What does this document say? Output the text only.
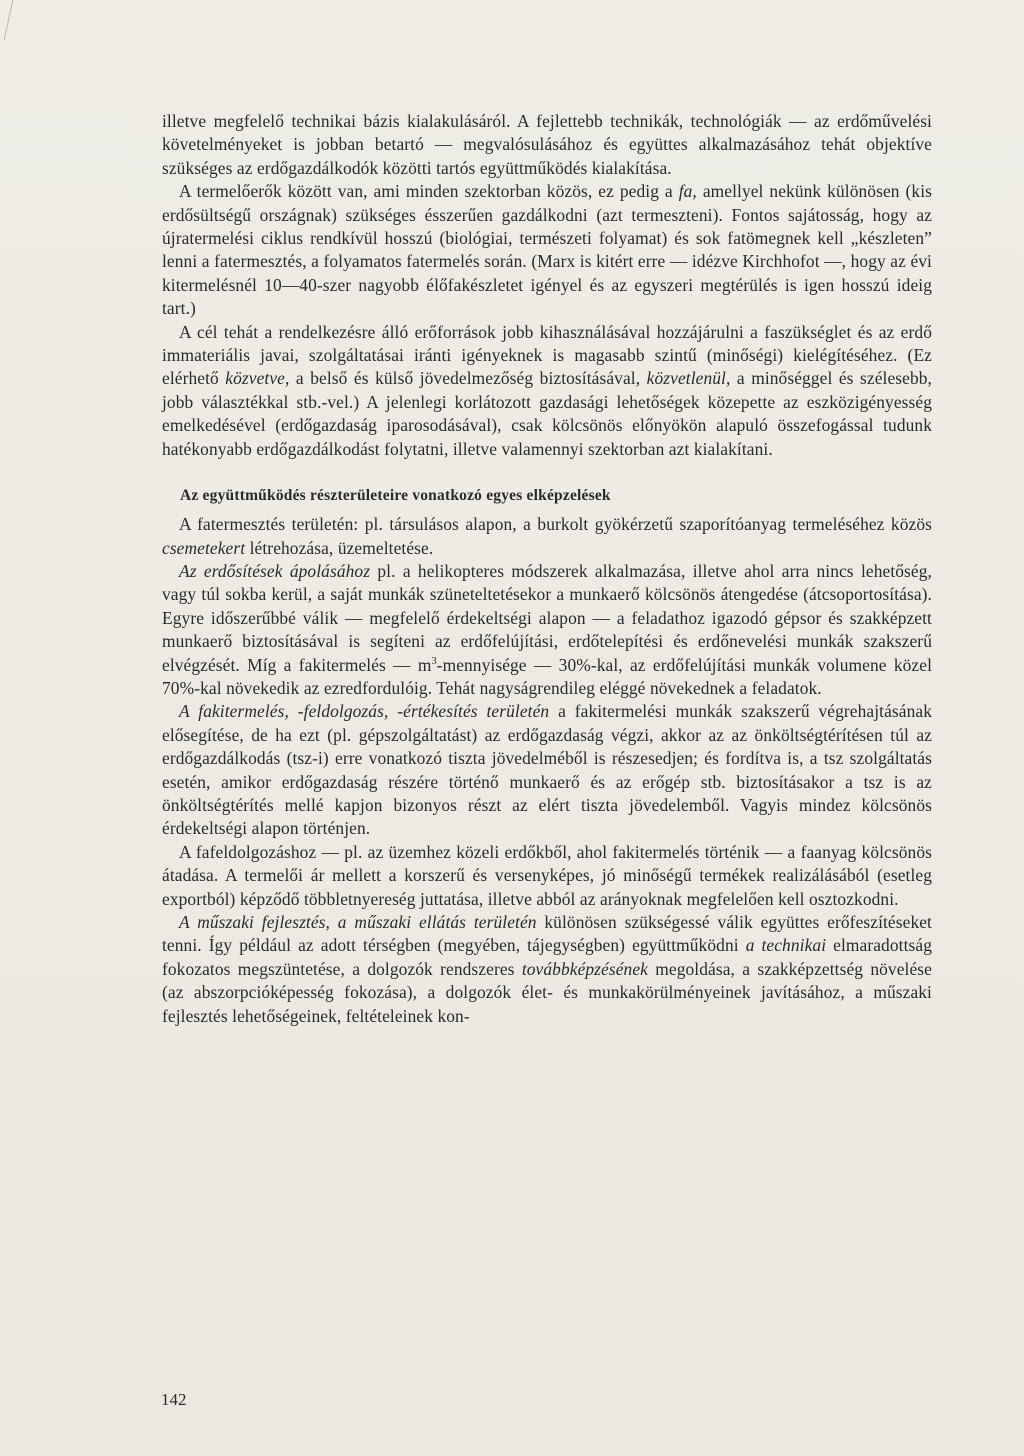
illetve megfelelő technikai bázis kialakulásáról. A fejlettebb technikák, technológiák — az erdőművelési követelményeket is jobban betartó — megvalósulásához és együttes alkalmazásához tehát objektíve szükséges az erdőgazdálkodók közötti tartós együttműködés kialakítása.

A termelőerők között van, ami minden szektorban közös, ez pedig a fa, amellyel nekünk különösen (kis erdősültségű országnak) szükséges ésszerűen gazdálkodni (azt termeszteni). Fontos sajátosság, hogy az újratermelési ciklus rendkívül hosszú (biológiai, természeti folyamat) és sok fatömegnek kell „készleten” lenni a fatermesztés, a folyamatos fatermelés során. (Marx is kitért erre — idézve Kirchhofot —, hogy az évi kitermelésnél 10—40-szer nagyobb élőfakészletet igényel és az egyszeri megtérülés is igen hosszú ideig tart.)

A cél tehát a rendelkezésre álló erőforrások jobb kihasználásával hozzájárulni a faszükséglet és az erdő immateriális javai, szolgáltatásai iránti igényeknek is magasabb szintű (minőségi) kielégítéséhez. (Ez elérhető közvetve, a belső és külső jövedelmezőség biztosításával, közvetlenül, a minőséggel és szélesebb, jobb választékkal stb.-vel.) A jelenlegi korlátozott gazdasági lehetőségek közepette az eszközigényesség emelkedésével (erdőgazdaság iparosodásával), csak kölcsönös előnyökön alapuló összefogással tudunk hatékonyabb erdőgazdálkodást folytatni, illetve valamennyi szektorban azt kialakítani.

Az együttműködés részterületeire vonatkozó egyes elképzelések

A fatermesztés területén: pl. társulásos alapon, a burkolt gyökérzetű szaporítóanyag termeléséhez közös csemetekert létrehozása, üzemeltetése.

Az erdősítések ápolásához pl. a helikopteres módszerek alkalmazása, illetve ahol arra nincs lehetőség, vagy túl sokba kerül, a saját munkák szüneteltetésekor a munkaerő kölcsönös átengedése (átcsoportosítása). Egyre időszerűbbé válik — megfelelő érdekeltségi alapon — a feladathoz igazodó gépsor és szakképzett munkaerő biztosításával is segíteni az erdőfelújítási, erdőtelepítési és erdőnevelési munkák szakszerű elvégzését. Míg a fakitermelés — $m^3$-mennyisége — 30%-kal, az erdőfelújítási munkák volumene közel 70%-kal növekedik az ezredfordulóig. Tehát nagyságrendileg eléggé növekednek a feladatok.

A fakitermelés, -feldolgozás, -értékesítés területén a fakitermelési munkák szakszerű végrehajtásának elősegítése, de ha ezt (pl. gépszolgáltatást) az erdőgazdaság végzi, akkor az az önköltségtérítésen túl az erdőgazdálkodás (tsz-i) erre vonatkozó tiszta jövedelméből is részesedjen; és fordítva is, a tsz szolgáltatás esetén, amikor erdőgazdaság részére történő munkaerő és az erőgép stb. biztosításakor a tsz is az önköltségtérítés mellé kapjon bizonyos részt az elért tiszta jövedelemből. Vagyis mindez kölcsönös érdekeltségi alapon történjen.

A fafeldolgozáshoz — pl. az üzemhez közeli erdőkből, ahol fakitermelés történik — a faanyag kölcsönös átadása. A termelői ár mellett a korszerű és versenyképes, jó minőségű termékek realizálásából (esetleg exportból) képződő többletnyereség juttatása, illetve abból az arányoknak megfelelően kell osztozkodni.

A műszaki fejlesztés, a műszaki ellátás területén különösen szükségessé válik együttes erőfeszítéseket tenni. Így például az adott térségben (megyében, tájegységben) együttműködni a technikai elmaradottság fokozatos megszüntetése, a dolgozók rendszeres továbbképzésének megoldása, a szakképzettség növelése (az abszorpcióképesség fokozása), a dolgozók élet- és munkakörülményeinek javításához, a műszaki fejlesztés lehetőségeinek, feltételeinek kon-

142
